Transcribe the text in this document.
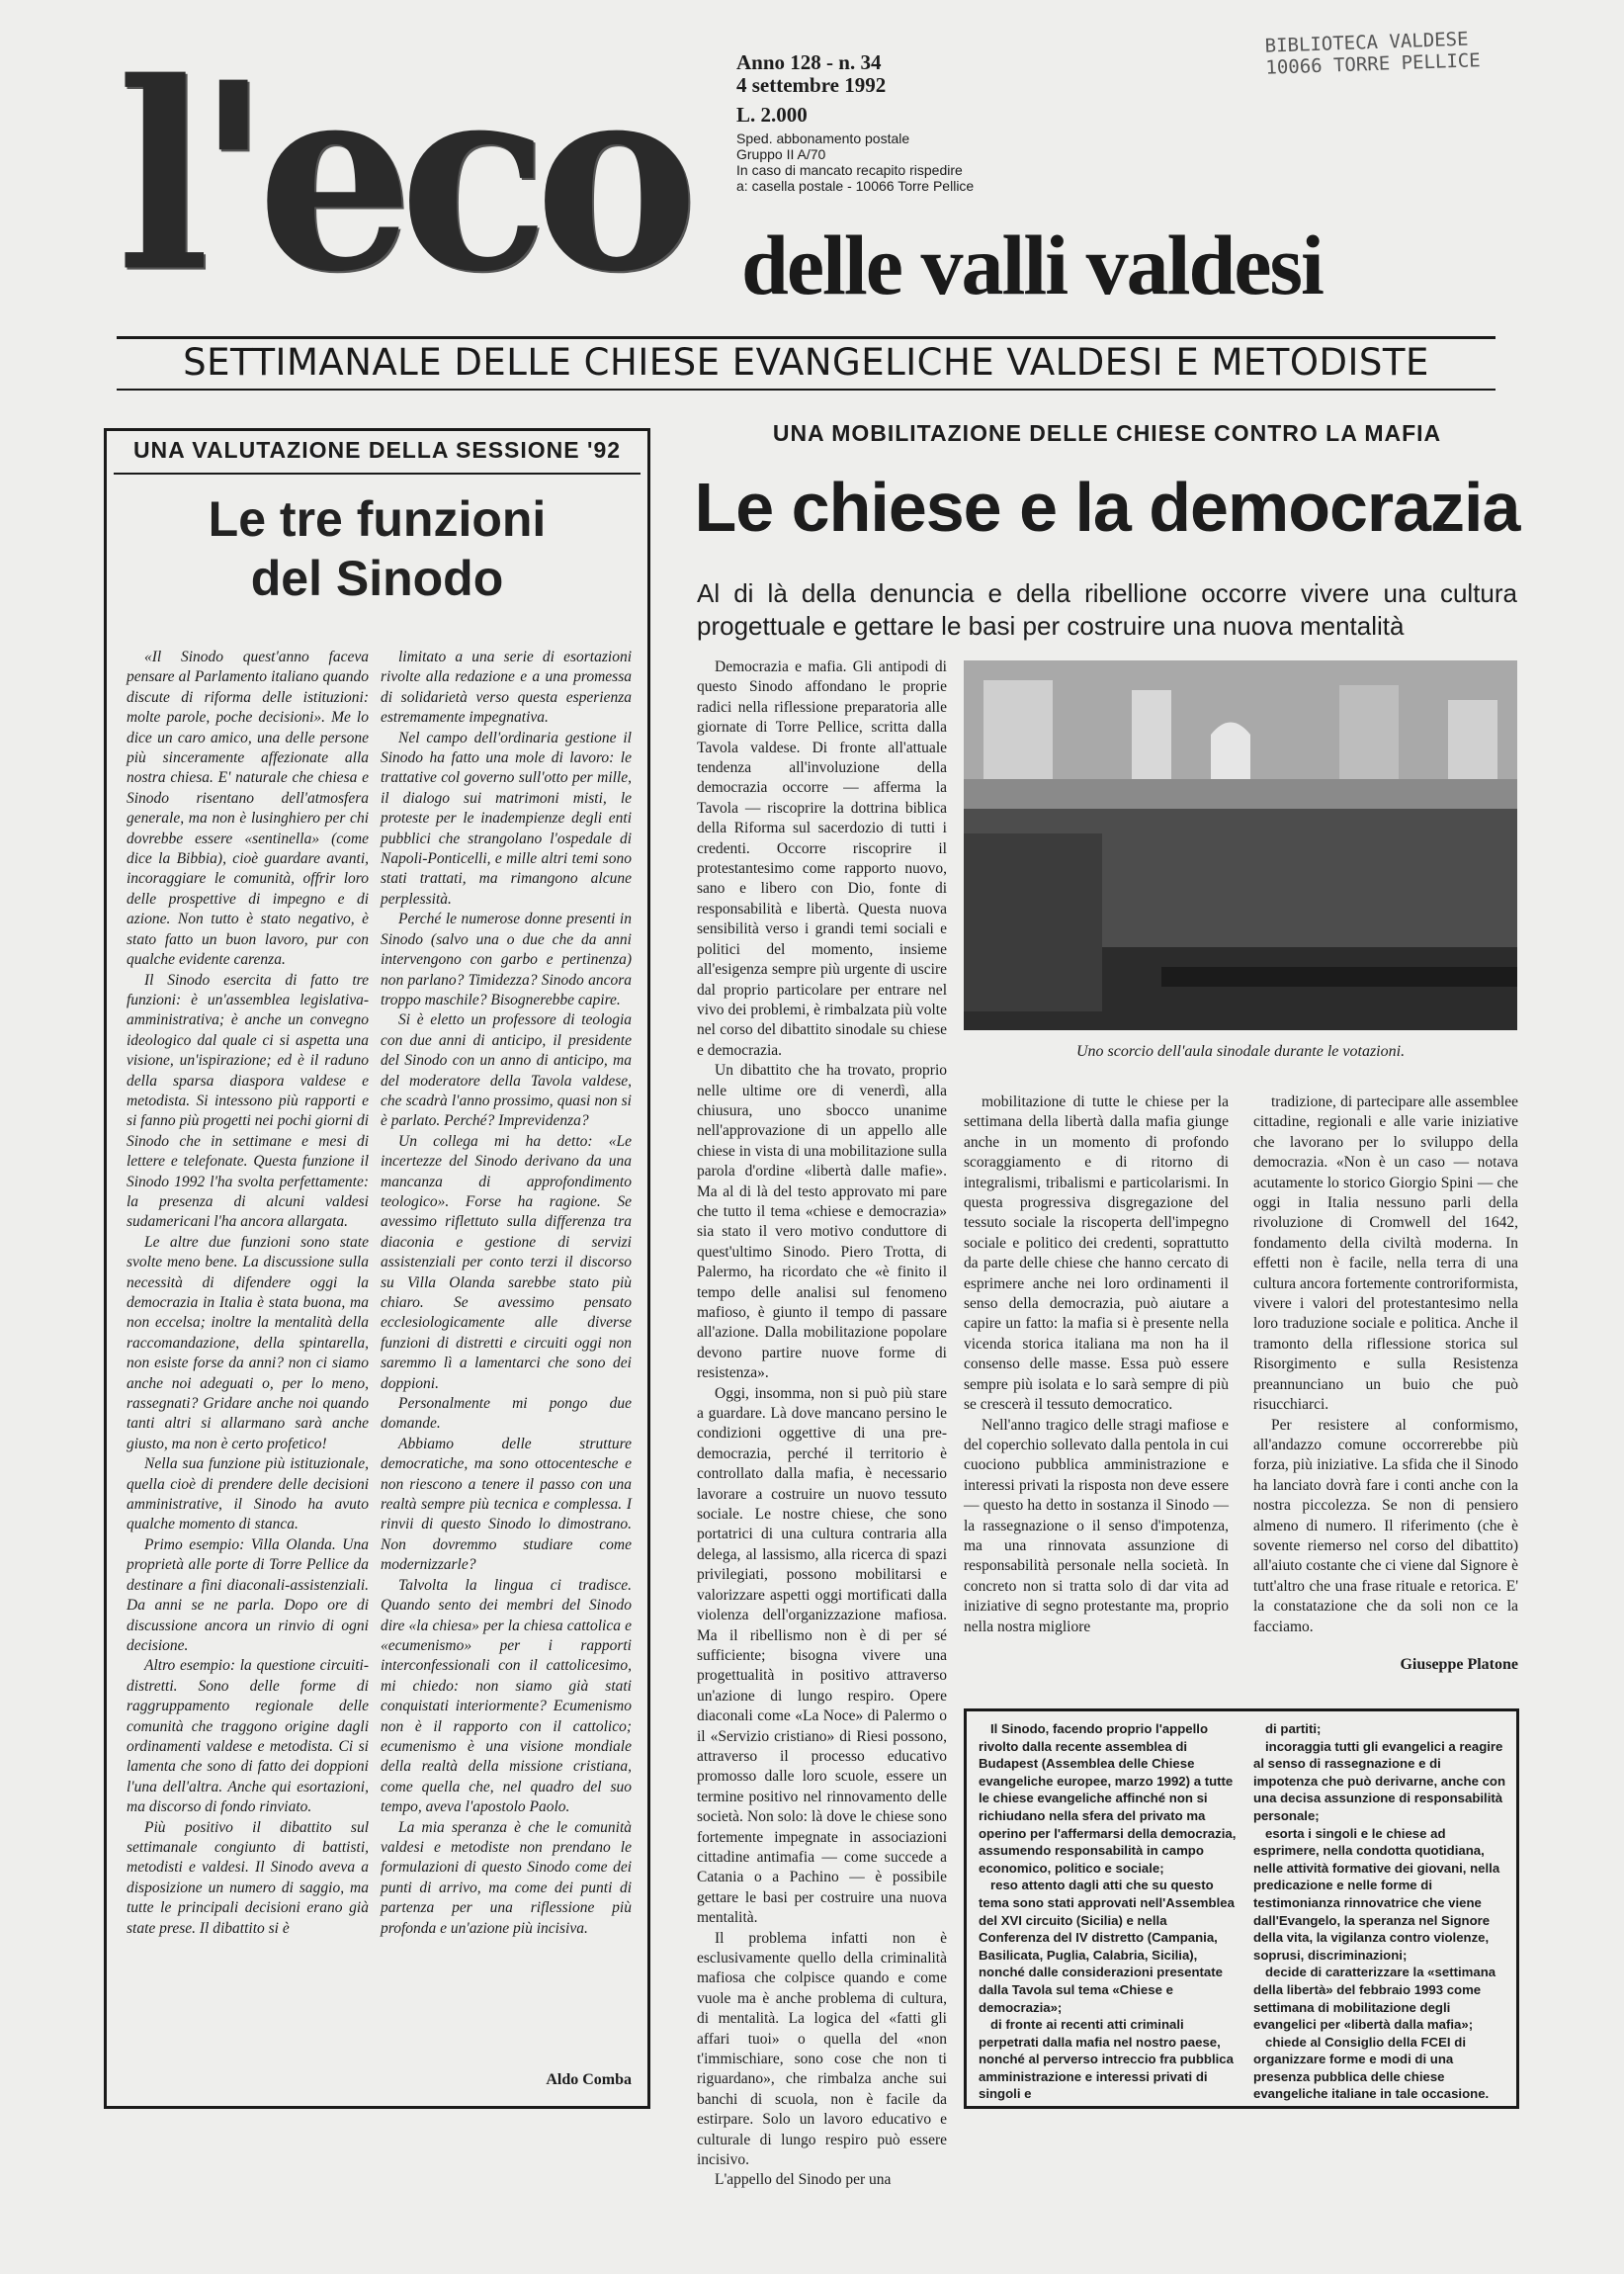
l'eco	Anno 128 - n. 34
4 settembre 1992
L. 2.000
Sped. abbonamento postale
Gruppo II A/70
In caso di mancato recapito rispedire
a: casella postale - 10066 Torre Pellice
BIBLIOTECA VALDESE
10066 TORRE PELLICE
delle valli valdesi
SETTIMANALE DELLE CHIESE EVANGELICHE VALDESI E METODISTE
UNA VALUTAZIONE DELLA SESSIONE '92
Le tre funzioni
del Sinodo

«Il Sinodo quest'anno faceva pensare al Parlamento italiano quando discute di riforma delle istituzioni: molte parole, poche decisioni». Me lo dice un caro amico, una delle persone più sinceramente affezionate alla nostra chiesa. E' naturale che chiesa e Sinodo risentano dell'atmosfera generale, ma non è lusinghiero per chi dovrebbe essere «sentinella» (come dice la Bibbia), cioè guardare avanti, incoraggiare le comunità, offrir loro delle prospettive di impegno e di azione. Non tutto è stato negativo, è stato fatto un buon lavoro, pur con qualche evidente carenza.

Il Sinodo esercita di fatto tre funzioni: è un'assemblea legislativa-amministrativa; è anche un convegno ideologico dal quale ci si aspetta una visione, un'ispirazione; ed è il raduno della sparsa diaspora valdese e metodista. Si intessono più rapporti e si fanno più progetti nei pochi giorni di Sinodo che in settimane e mesi di lettere e telefonate. Questa funzione il Sinodo 1992 l'ha svolta perfettamente: la presenza di alcuni valdesi sudamericani l'ha ancora allargata.

Le altre due funzioni sono state svolte meno bene. La discussione sulla necessità di difendere oggi la democrazia in Italia è stata buona, ma non eccelsa; inoltre la mentalità della raccomandazione, della spintarella, non esiste forse da anni? non ci siamo anche noi adeguati o, per lo meno, rassegnati? Gridare anche noi quando tanti altri si allarmano sarà anche giusto, ma non è certo profetico!

Nella sua funzione più istituzionale, quella cioè di prendere delle decisioni amministrative, il Sinodo ha avuto qualche momento di stanca.

Primo esempio: Villa Olanda. Una proprietà alle porte di Torre Pellice da destinare a fini diaconali-assistenziali. Da anni se ne parla. Dopo ore di discussione ancora un rinvio di ogni decisione.

Altro esempio: la questione circuiti-distretti. Sono delle forme di raggruppamento regionale delle comunità che traggono origine dagli ordinamenti valdese e metodista. Ci si lamenta che sono di fatto dei doppioni l'una dell'altra. Anche qui esortazioni, ma discorso di fondo rinviato.

Più positivo il dibattito sul settimanale congiunto di battisti, metodisti e valdesi. Il Sinodo aveva a disposizione un numero di saggio, ma tutte le principali decisioni erano già state prese. Il dibattito si è

limitato a una serie di esortazioni rivolte alla redazione e a una promessa di solidarietà verso questa esperienza estremamente impegnativa.

Nel campo dell'ordinaria gestione il Sinodo ha fatto una mole di lavoro: le trattative col governo sull'otto per mille, il dialogo sui matrimoni misti, le proteste per le inadempienze degli enti pubblici che strangolano l'ospedale di Napoli-Ponticelli, e mille altri temi sono stati trattati, ma rimangono alcune perplessità.

Perché le numerose donne presenti in Sinodo (salvo una o due che da anni intervengono con garbo e pertinenza) non parlano? Timidezza? Sinodo ancora troppo maschile? Bisognerebbe capire.

Si è eletto un professore di teologia con due anni di anticipo, il presidente del Sinodo con un anno di anticipo, ma del moderatore della Tavola valdese, che scadrà l'anno prossimo, quasi non si è parlato. Perché? Imprevidenza?

Un collega mi ha detto: «Le incertezze del Sinodo derivano da una mancanza di approfondimento teologico». Forse ha ragione. Se avessimo riflettuto sulla differenza tra diaconia e gestione di servizi assistenziali per conto terzi il discorso su Villa Olanda sarebbe stato più chiaro. Se avessimo pensato ecclesiologicamente alle diverse funzioni di distretti e circuiti oggi non saremmo lì a lamentarci che sono dei doppioni.

Personalmente mi pongo due domande.

Abbiamo delle strutture democratiche, ma sono ottocentesche e non riescono a tenere il passo con una realtà sempre più tecnica e complessa. I rinvii di questo Sinodo lo dimostrano. Non dovremmo studiare come modernizzarle?

Talvolta la lingua ci tradisce. Quando sento dei membri del Sinodo dire «la chiesa» per la chiesa cattolica e «ecumenismo» per i rapporti interconfessionali con il cattolicesimo, mi chiedo: non siamo già stati conquistati interiormente? Ecumenismo non è il rapporto con il cattolico; ecumenismo è una visione mondiale della realtà della missione cristiana, come quella che, nel quadro del suo tempo, aveva l'apostolo Paolo.

La mia speranza è che le comunità valdesi e metodiste non prendano le formulazioni di questo Sinodo come dei punti di arrivo, ma come dei punti di partenza per una riflessione più profonda e un'azione più incisiva.

Aldo Comba
UNA MOBILITAZIONE DELLE CHIESE CONTRO LA MAFIA
Le chiese e la democrazia
Al di là della denuncia e della ribellione occorre vivere una cultura progettuale e gettare le basi per costruire una nuova mentalità
Uno scorcio dell'aula sinodale durante le votazioni.

Democrazia e mafia. Gli antipodi di questo Sinodo affondano le proprie radici nella riflessione preparatoria alle giornate di Torre Pellice, scritta dalla Tavola valdese. Di fronte all'attuale tendenza all'involuzione della democrazia occorre — afferma la Tavola — riscoprire la dottrina biblica della Riforma sul sacerdozio di tutti i credenti. Occorre riscoprire il protestantesimo come rapporto nuovo, sano e libero con Dio, fonte di responsabilità e libertà. Questa nuova sensibilità verso i grandi temi sociali e politici del momento, insieme all'esigenza sempre più urgente di uscire dal proprio particolare per entrare nel vivo dei problemi, è rimbalzata più volte nel corso del dibattito sinodale su chiese e democrazia.

Un dibattito che ha trovato, proprio nelle ultime ore di venerdì, alla chiusura, uno sbocco unanime nell'approvazione di un appello alle chiese in vista di una mobilitazione sulla parola d'ordine «libertà dalle mafie». Ma al di là del testo approvato mi pare che tutto il tema «chiese e democrazia» sia stato il vero motivo conduttore di quest'ultimo Sinodo. Piero Trotta, di Palermo, ha ricordato che «è finito il tempo delle analisi sul fenomeno mafioso, è giunto il tempo di passare all'azione. Dalla mobilitazione popolare devono partire nuove forme di resistenza».

Oggi, insomma, non si può più stare a guardare. Là dove mancano persino le condizioni oggettive di una pre-democrazia, perché il territorio è controllato dalla mafia, è necessario lavorare a costruire un nuovo tessuto sociale. Le nostre chiese, che sono portatrici di una cultura contraria alla delega, al lassismo, alla ricerca di spazi privilegiati, possono mobilitarsi e valorizzare aspetti oggi mortificati dalla violenza dell'organizzazione mafiosa. Ma il ribellismo non è di per sé sufficiente; bisogna vivere una progettualità in positivo attraverso un'azione di lungo respiro. Opere diaconali come «La Noce» di Palermo o il «Servizio cristiano» di Riesi possono, attraverso il processo educativo promosso dalle loro scuole, essere un termine positivo nel rinnovamento delle società. Non solo: là dove le chiese sono fortemente impegnate in associazioni cittadine antimafia — come succede a Catania o a Pachino — è possibile gettare le basi per costruire una nuova mentalità.

Il problema infatti non è esclusivamente quello della criminalità mafiosa che colpisce quando e come vuole ma è anche problema di cultura, di mentalità. La logica del «fatti gli affari tuoi» o quella del «non t'immischiare, sono cose che non ti riguardano», che rimbalza anche sui banchi di scuola, non è facile da estirpare. Solo un lavoro educativo e culturale di lungo respiro può essere incisivo.

L'appello del Sinodo per una

mobilitazione di tutte le chiese per la settimana della libertà dalla mafia giunge anche in un momento di profondo scoraggiamento e di ritorno di integralismi, tribalismi e particolarismi. In questa progressiva disgregazione del tessuto sociale la riscoperta dell'impegno sociale e politico dei credenti, soprattutto da parte delle chiese che hanno cercato di esprimere anche nei loro ordinamenti il senso della democrazia, può aiutare a capire un fatto: la mafia si è presente nella vicenda storica italiana ma non ha il consenso delle masse. Essa può essere sempre più isolata e lo sarà sempre di più se crescerà il tessuto democratico.

Nell'anno tragico delle stragi mafiose e del coperchio sollevato dalla pentola in cui cuociono pubblica amministrazione e interessi privati la risposta non deve essere — questo ha detto in sostanza il Sinodo — la rassegnazione o il senso d'impotenza, ma una rinnovata assunzione di responsabilità personale nella società. In concreto non si tratta solo di dar vita ad iniziative di segno protestante ma, proprio nella nostra migliore

tradizione, di partecipare alle assemblee cittadine, regionali e alle varie iniziative che lavorano per lo sviluppo della democrazia. «Non è un caso — notava acutamente lo storico Giorgio Spini — che oggi in Italia nessuno parli della rivoluzione di Cromwell del 1642, fondamento della civiltà moderna. In effetti non è facile, nella terra di una cultura ancora fortemente controriformista, vivere i valori del protestantesimo nella loro traduzione sociale e politica. Anche il tramonto della riflessione storica sul Risorgimento e sulla Resistenza preannunciano un buio che può risucchiarci.

Per resistere al conformismo, all'andazzo comune occorrerebbe più forza, più iniziative. La sfida che il Sinodo ha lanciato dovrà fare i conti anche con la nostra piccolezza. Se non di pensiero almeno di numero. Il riferimento (che è sovente riemerso nel corso del dibattito) all'aiuto costante che ci viene dal Signore è tutt'altro che una frase rituale e retorica. E' la constatazione che da soli non ce la facciamo.

Giuseppe Platone

Il Sinodo, facendo proprio l'appello rivolto dalla recente assemblea di Budapest (Assemblea delle Chiese evangeliche europee, marzo 1992) a tutte le chiese evangeliche affinché non si richiudano nella sfera del privato ma operino per l'affermarsi della democrazia, assumendo responsabilità in campo economico, politico e sociale;

reso attento dagli atti che su questo tema sono stati approvati nell'Assemblea del XVI circuito (Sicilia) e nella Conferenza del IV distretto (Campania, Basilicata, Puglia, Calabria, Sicilia), nonché dalle considerazioni presentate dalla Tavola sul tema «Chiese e democrazia»;

di fronte ai recenti atti criminali perpetrati dalla mafia nel nostro paese, nonché al perverso intreccio fra pubblica amministrazione e interessi privati di singoli e

di partiti;

incoraggia tutti gli evangelici a reagire al senso di rassegnazione e di impotenza che può derivarne, anche con una decisa assunzione di responsabilità personale;

esorta i singoli e le chiese ad esprimere, nella condotta quotidiana, nelle attività formative dei giovani, nella predicazione e nelle forme di testimonianza rinnovatrice che viene dall'Evangelo, la speranza nel Signore della vita, la vigilanza contro violenze, soprusi, discriminazioni;

decide di caratterizzare la «settimana della libertà» del febbraio 1993 come settimana di mobilitazione degli evangelici per «libertà dalla mafia»;

chiede al Consiglio della FCEI di organizzare forme e modi di una presenza pubblica delle chiese evangeliche italiane in tale occasione.
